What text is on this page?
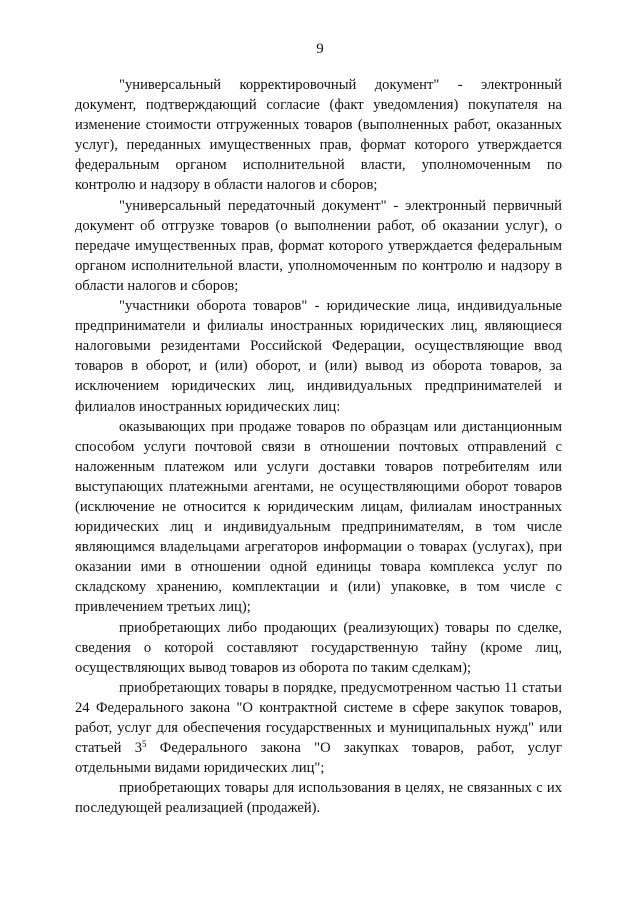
9

"универсальный корректировочный документ" - электронный документ, подтверждающий согласие (факт уведомления) покупателя на изменение стоимости отгруженных товаров (выполненных работ, оказанных услуг), переданных имущественных прав, формат которого утверждается федеральным органом исполнительной власти, уполномоченным по контролю и надзору в области налогов и сборов;

"универсальный передаточный документ" - электронный первичный документ об отгрузке товаров (о выполнении работ, об оказании услуг), о передаче имущественных прав, формат которого утверждается федеральным органом исполнительной власти, уполномоченным по контролю и надзору в области налогов и сборов;

"участники оборота товаров" - юридические лица, индивидуальные предприниматели и филиалы иностранных юридических лиц, являющиеся налоговыми резидентами Российской Федерации, осуществляющие ввод товаров в оборот, и (или) оборот, и (или) вывод из оборота товаров, за исключением юридических лиц, индивидуальных предпринимателей и филиалов иностранных юридических лиц:

оказывающих при продаже товаров по образцам или дистанционным способом услуги почтовой связи в отношении почтовых отправлений с наложенным платежом или услуги доставки товаров потребителям или выступающих платежными агентами, не осуществляющими оборот товаров (исключение не относится к юридическим лицам, филиалам иностранных юридических лиц и индивидуальным предпринимателям, в том числе являющимся владельцами агрегаторов информации о товарах (услугах), при оказании ими в отношении одной единицы товара комплекса услуг по складскому хранению, комплектации и (или) упаковке, в том числе с привлечением третьих лиц);

приобретающих либо продающих (реализующих) товары по сделке, сведения о которой составляют государственную тайну (кроме лиц, осуществляющих вывод товаров из оборота по таким сделкам);

приобретающих товары в порядке, предусмотренном частью 11 статьи 24 Федерального закона "О контрактной системе в сфере закупок товаров, работ, услуг для обеспечения государственных и муниципальных нужд" или статьей $3^5$ Федерального закона "О закупках товаров, работ, услуг отдельными видами юридических лиц";

приобретающих товары для использования в целях, не связанных с их последующей реализацией (продажей).
